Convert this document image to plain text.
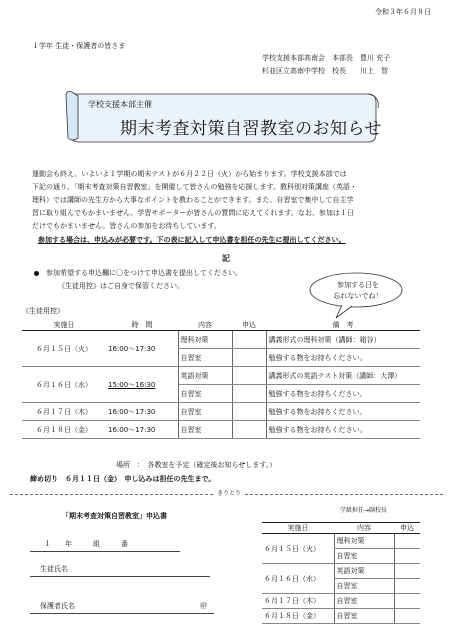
令和３年６月８日
１学年 生徒・保護者の皆さま
学校支援本部高南会　本部長　豊川 充子
杉並区立高南中学校　校長　　川上　智
学校支援本部主催
期末考査対策自習教室のお知らせ
運動会も終え、いよいよ１学期の期末テストが６月２２日（火）から始まります。学校支援本部では
下記の通り、「期末考査対策自習教室」を開催して皆さんの勉強を応援します。教科別対策講座（英語・
理科）では講師の先生方から大事なポイントを教わることができます。また、自習室で集中して自主学
習に取り組んでもかまいません。学習サポーターが皆さんの質問に応えてくれます。なお、参加は１日
だけでもかまいません。皆さんの参加をお待ちしています。
参加する場合は、申込みが必要です。下の表に記入して申込書を担任の先生に提出してください。
記
参加希望する申込欄に〇をつけて申込書を提出してください。
《生徒用控》はご自身で保管ください。	参加する日を
忘れないでね！
《生徒用控》
実施日	時　間	内容	申込	備　考
６月１５日（火）	16:00～17:30	理科対策		講義形式の理科対策（講師：箱谷）
		自習室		勉強する物をお持ちください。
６月１６日（水）	15:00～16:30	英語対策		講義形式の英語テスト対策（講師：大澤）
		自習室		勉強する物をお持ちください。
６月１７日（木）	16:00～17:30	自習室		勉強する物をお持ちください。
６月１８日（金）	16:00～17:30	自習室		勉強する物をお持ちください。
場所　：　各教室を予定（確定後お知らせします。）
締め切り　６月１１日（金）　申し込みは担任の先生まで。
きりとり
「期末考査対策自習教室」申込書
学級担任→副校長
１　　年　　　組　　　番
生徒氏名
保護者氏名	㊞
実施日	内容	申込
６月１５日（火）	理科対策	
	自習室	
６月１６日（水）	英語対策	
	自習室	
６月１７日（木）	自習室	
６月１８日（金）	自習室	
